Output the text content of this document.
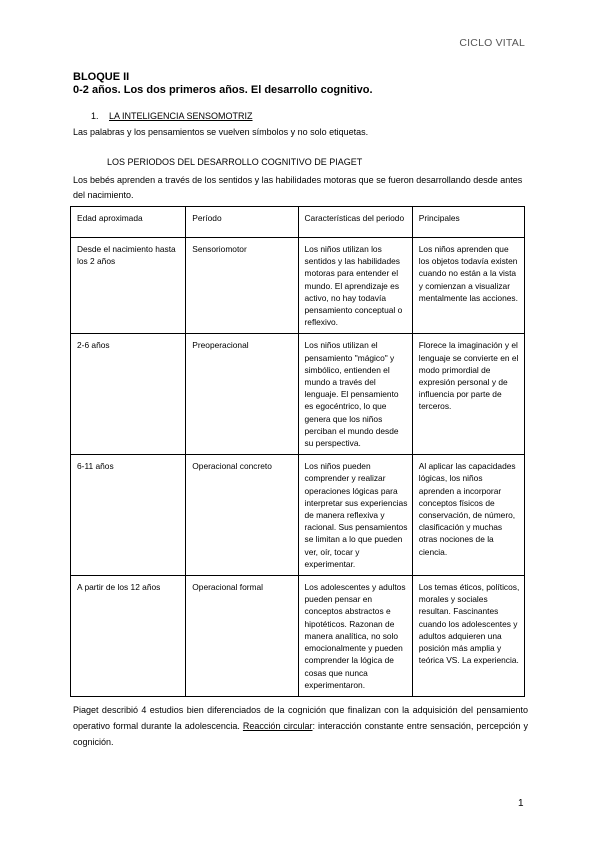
CICLO VITAL
BLOQUE II
0-2 años. Los dos primeros años. El desarrollo cognitivo.
1. LA INTELIGENCIA SENSOMOTRIZ
Las palabras y los pensamientos se vuelven símbolos y no solo etiquetas.
LOS PERIODOS DEL DESARROLLO COGNITIVO DE PIAGET
Los bebés aprenden a través de los sentidos y las habilidades motoras que se fueron desarrollando desde antes del nacimiento.
Edad aproximada	Período	Características del periodo	Principales
Desde el nacimiento hasta los 2 años	Sensoriomotor	Los niños utilizan los sentidos y las habilidades motoras para entender el mundo. El aprendizaje es activo, no hay todavía pensamiento conceptual o reflexivo.	Los niños aprenden que los objetos todavía existen cuando no están a la vista y comienzan a visualizar mentalmente las acciones.
2-6 años	Preoperacional	Los niños utilizan el pensamiento "mágico" y simbólico, entienden el mundo a través del lenguaje. El pensamiento es egocéntrico, lo que genera que los niños perciban el mundo desde su perspectiva.	Florece la imaginación y el lenguaje se convierte en el modo primordial de expresión personal y de influencia por parte de terceros.
6-11 años	Operacional concreto	Los niños pueden comprender y realizar operaciones lógicas para interpretar sus experiencias de manera reflexiva y racional. Sus pensamientos se limitan a lo que pueden ver, oír, tocar y experimentar.	Al aplicar las capacidades lógicas, los niños aprenden a incorporar conceptos físicos de conservación, de número, clasificación y muchas otras nociones de la ciencia.
A partir de los 12 años	Operacional formal	Los adolescentes y adultos pueden pensar en conceptos abstractos e hipotéticos. Razonan de manera analítica, no solo emocionalmente y pueden comprender la lógica de cosas que nunca experimentaron.	Los temas éticos, políticos, morales y sociales resultan. Fascinantes cuando los adolescentes y adultos adquieren una posición más amplia y teórica VS. La experiencia.
Piaget describió 4 estudios bien diferenciados de la cognición que finalizan con la adquisición del pensamiento operativo formal durante la adolescencia. Reacción circular: interacción constante entre sensación, percepción y cognición.
1
